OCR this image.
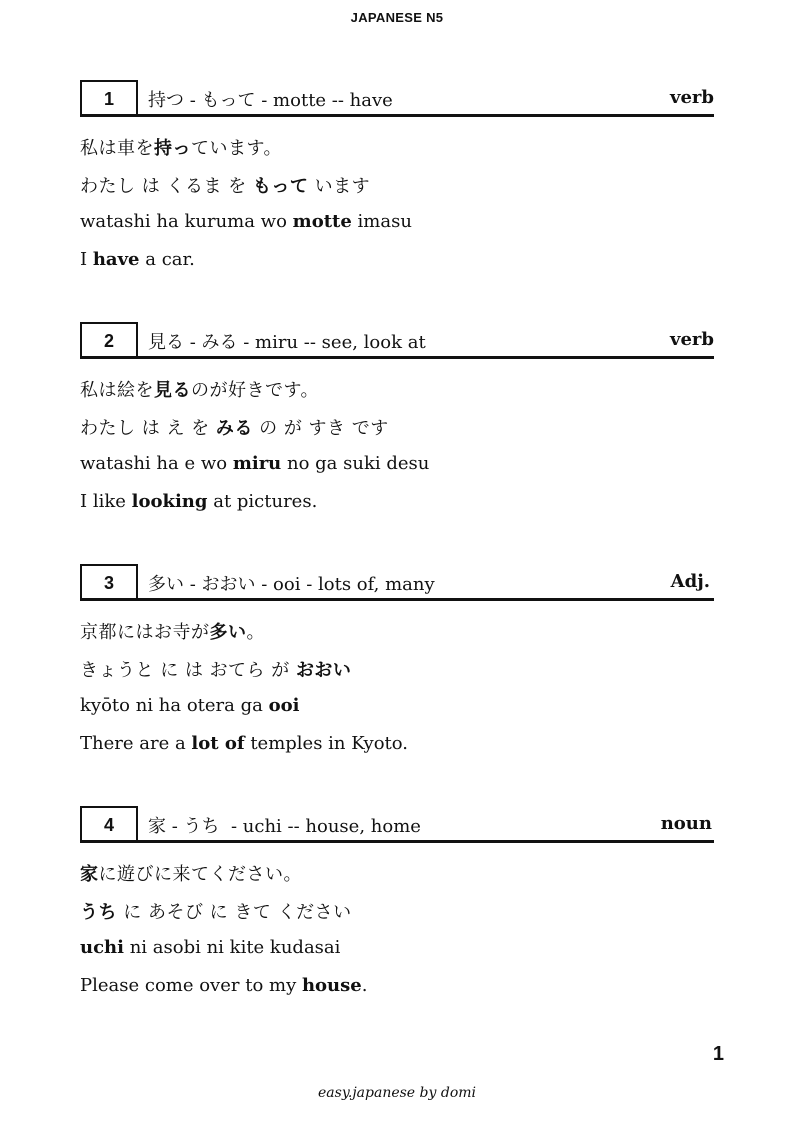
JAPANESE N5
1	持つ - もって - motte -- have	verb
私は車を持っています。
わたし は くるま を もって います
watashi ha kuruma wo motte imasu
I have a car.
2	見る - みる - miru -- see, look at	verb
私は絵を見るのが好きです。
わたし は え を みる の が すき です
watashi ha e wo miru no ga suki desu
I like looking at pictures.
3	多い - おおい - ooi - lots of, many	Adj.
京都にはお寺が多い。
きょうと に は おてら が おおい
kyōto ni ha otera ga ooi
There are a lot of temples in Kyoto.
4	家 - うち  - uchi -- house, home	noun
家に遊びに来てください。
うち に あそび に きて ください
uchi ni asobi ni kite kudasai
Please come over to my house.
1
easy.japanese by domi
